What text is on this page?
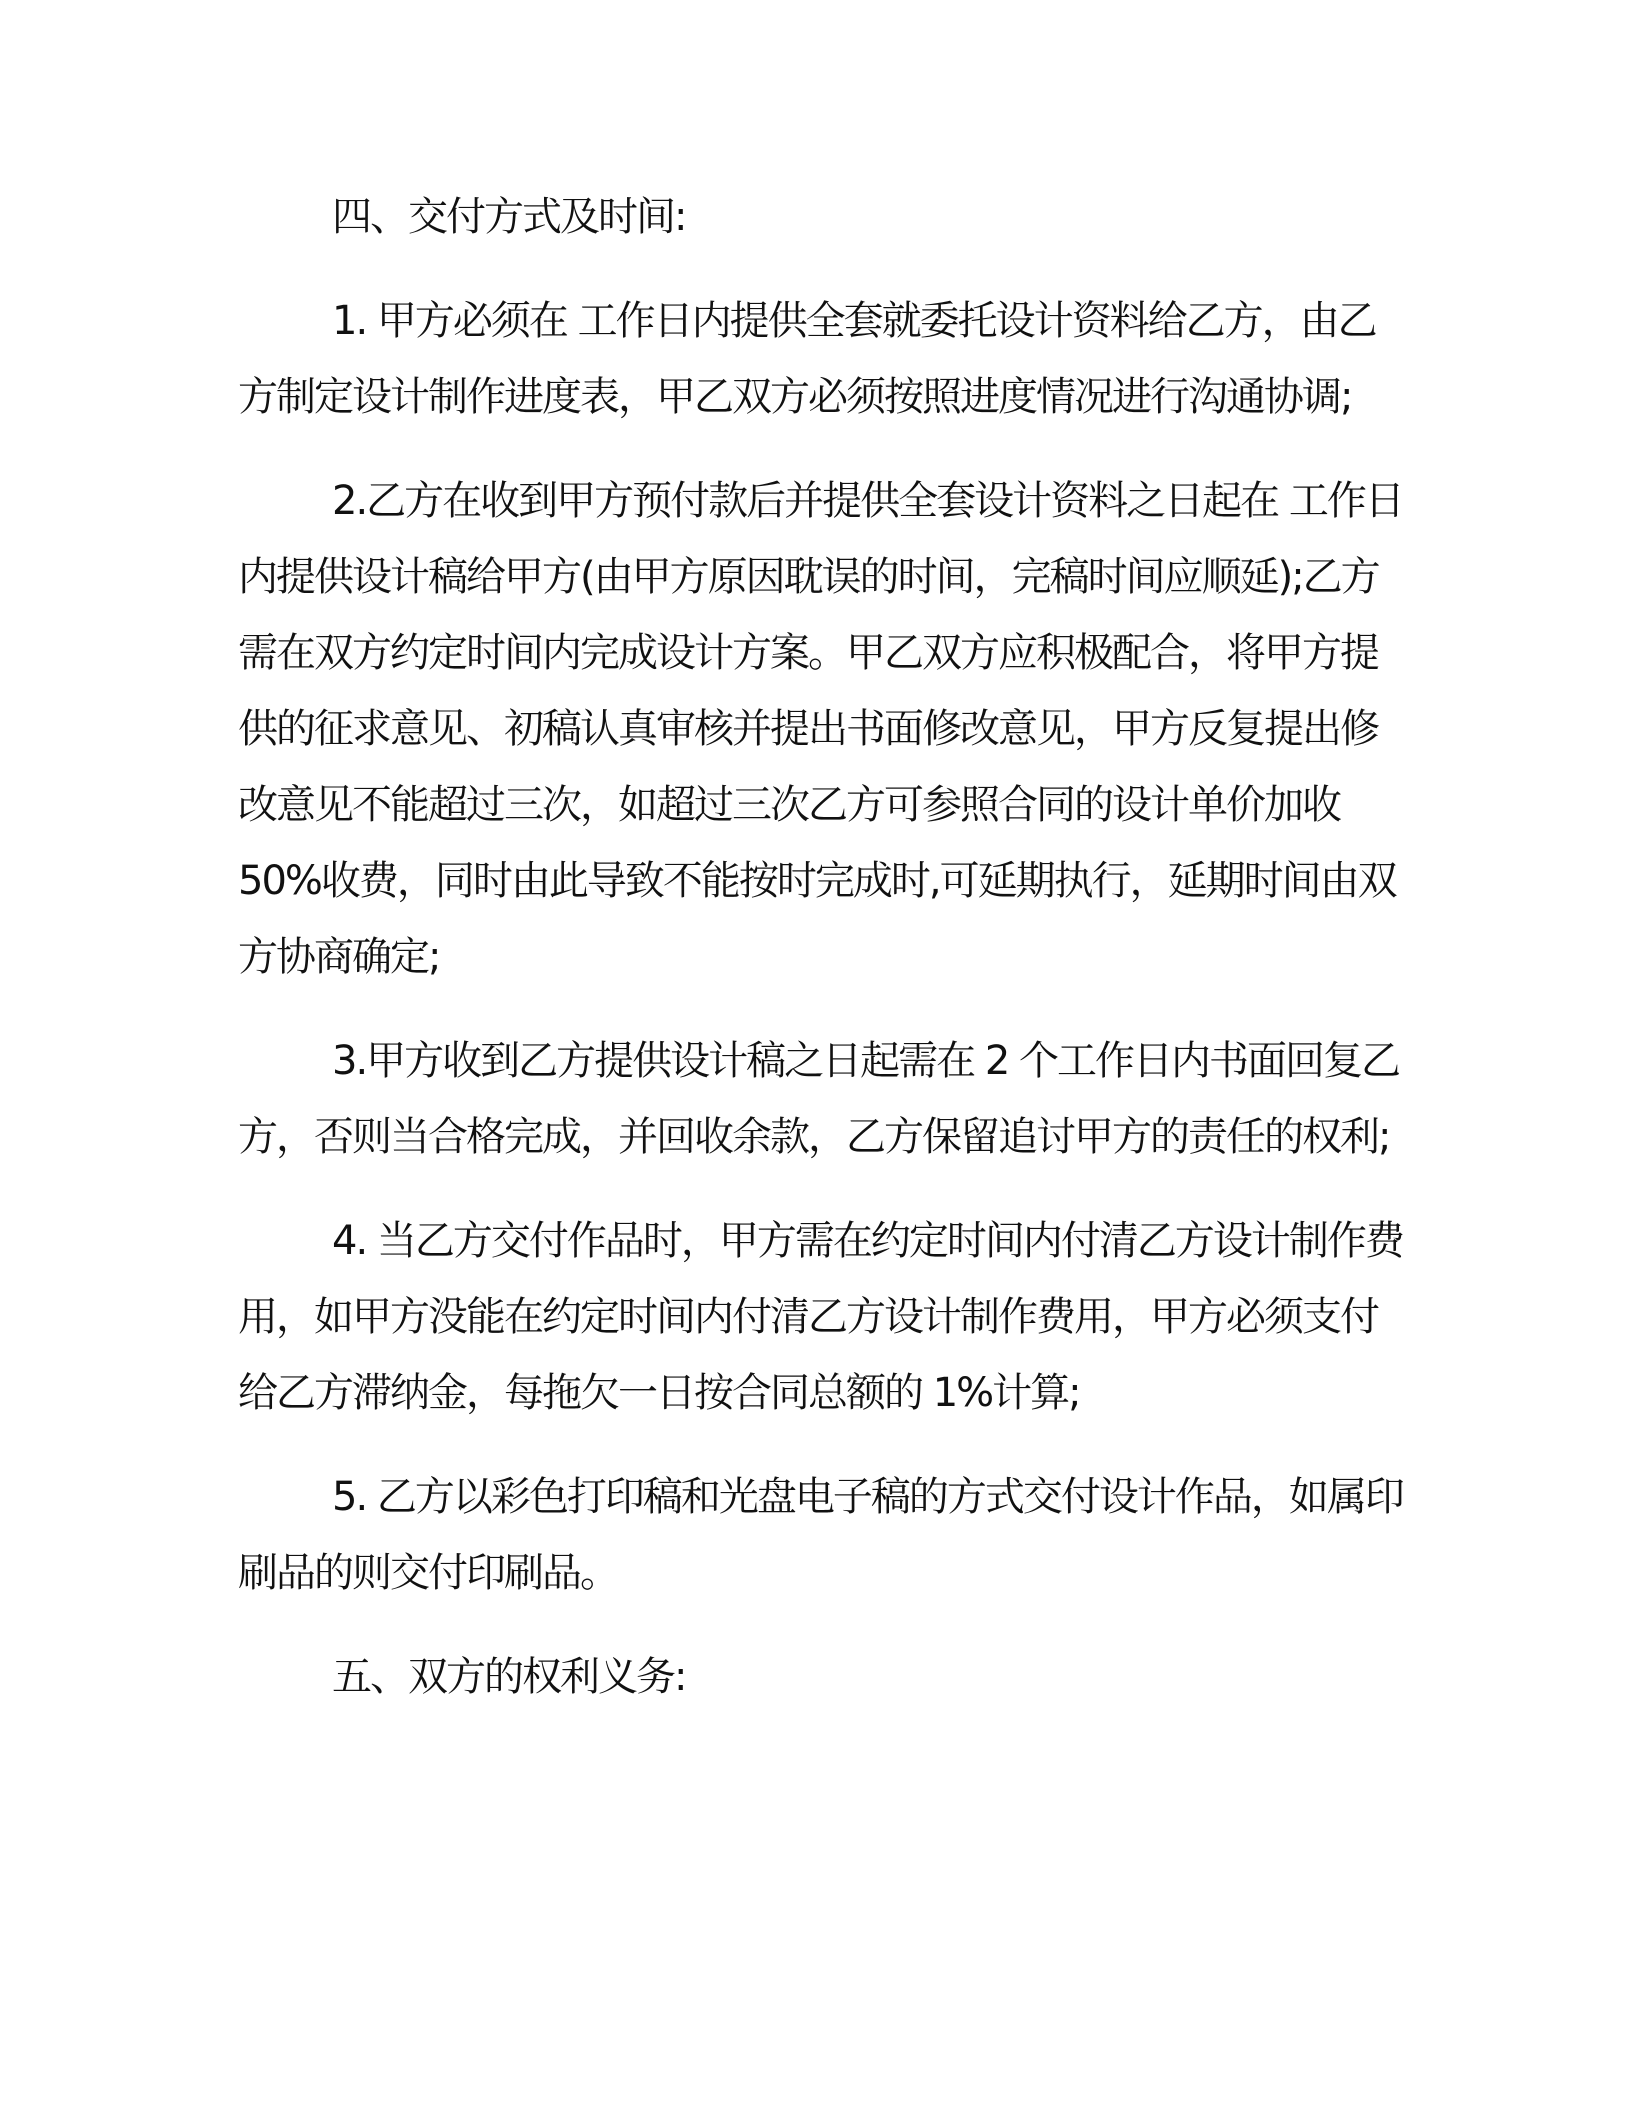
四、交付方式及时间:

1. 甲方必须在 工作日内提供全套就委托设计资料给乙方，由乙

方制定设计制作进度表，甲乙双方必须按照进度情况进行沟通协调;

2.乙方在收到甲方预付款后并提供全套设计资料之日起在 工作日

内提供设计稿给甲方(由甲方原因耽误的时间，完稿时间应顺延);乙方

需在双方约定时间内完成设计方案。甲乙双方应积极配合，将甲方提

供的征求意见、初稿认真审核并提出书面修改意见，甲方反复提出修

改意见不能超过三次，如超过三次乙方可参照合同的设计单价加收

50%收费，同时由此导致不能按时完成时,可延期执行，延期时间由双

方协商确定;

3.甲方收到乙方提供设计稿之日起需在 2 个工作日内书面回复乙

方，否则当合格完成，并回收余款，乙方保留追讨甲方的责任的权利;

4. 当乙方交付作品时，甲方需在约定时间内付清乙方设计制作费

用，如甲方没能在约定时间内付清乙方设计制作费用，甲方必须支付

给乙方滞纳金，每拖欠一日按合同总额的 1%计算;

5. 乙方以彩色打印稿和光盘电子稿的方式交付设计作品，如属印

刷品的则交付印刷品。

五、双方的权利义务:
